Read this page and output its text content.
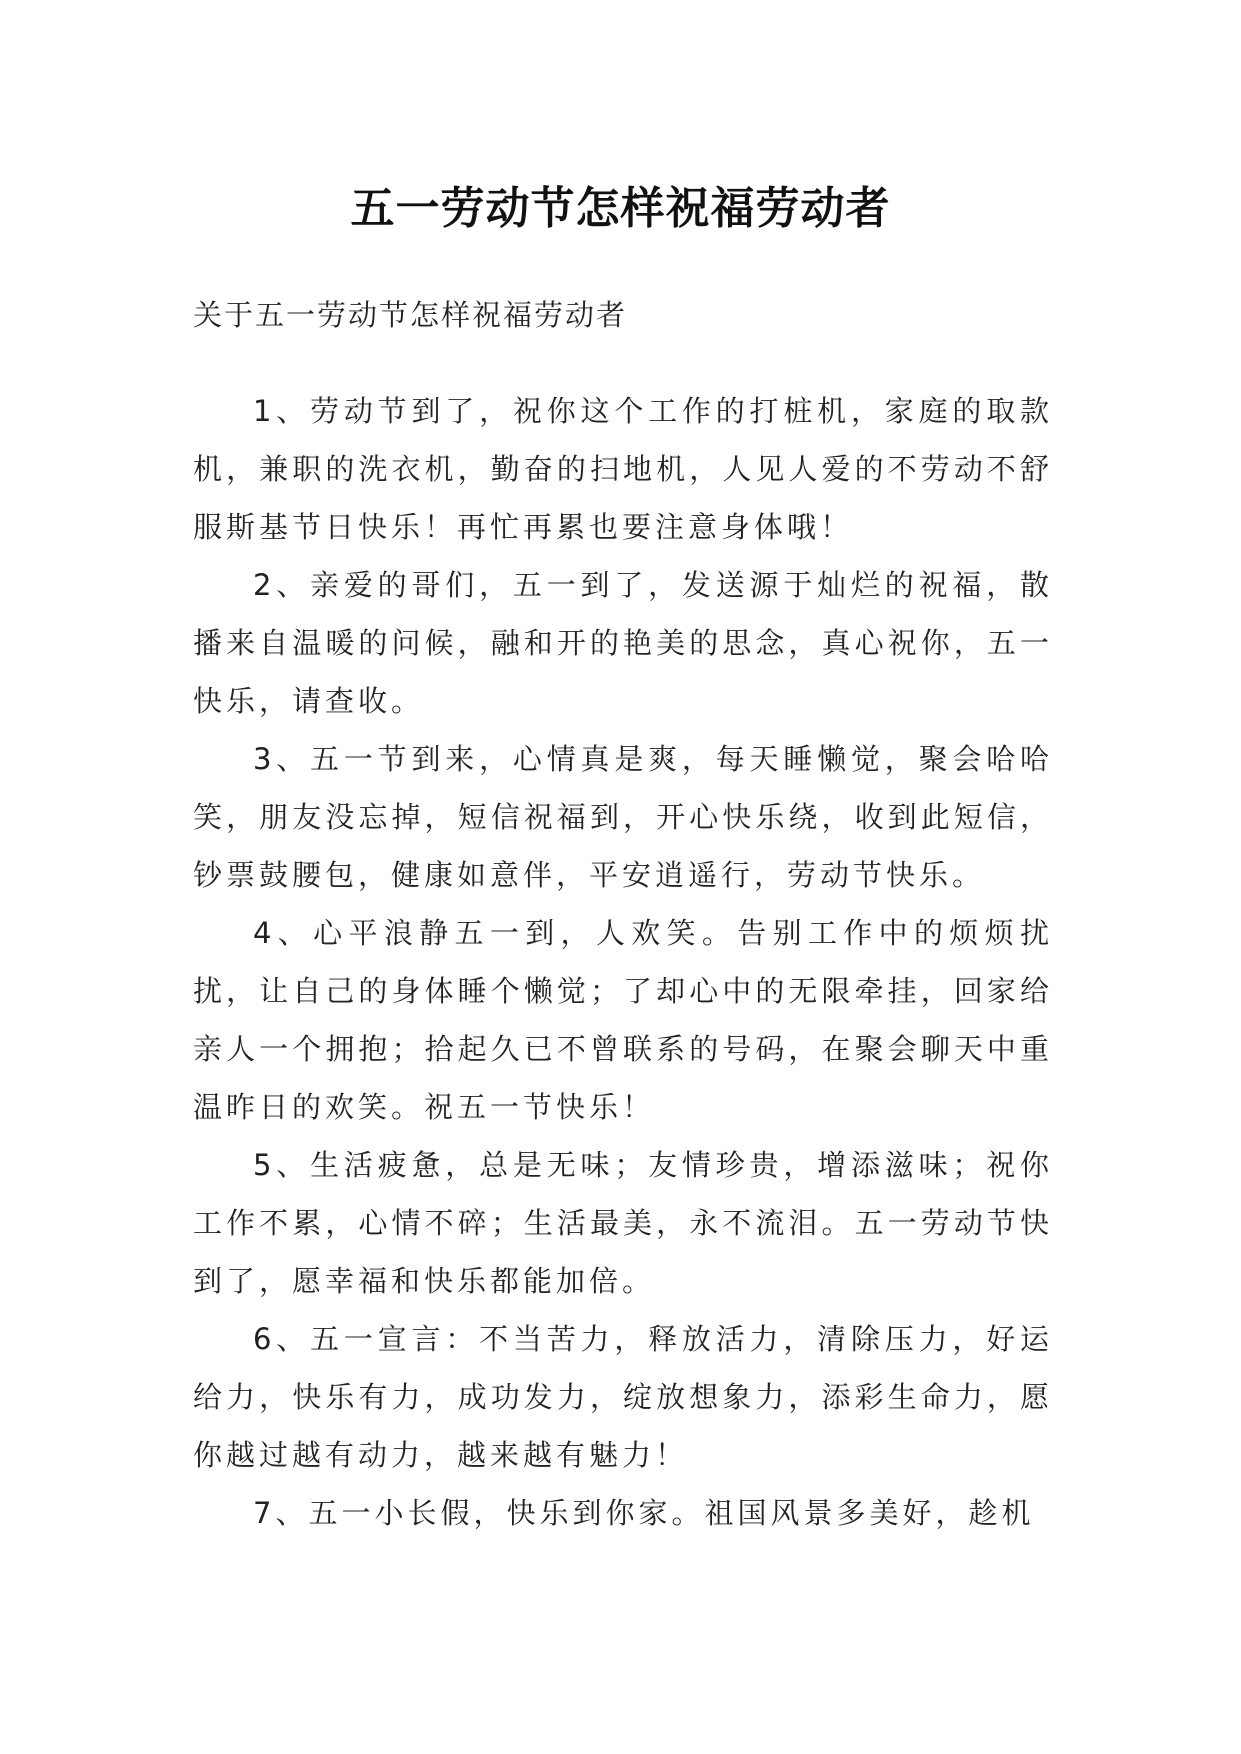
五一劳动节怎样祝福劳动者

关于五一劳动节怎样祝福劳动者

1、劳动节到了，祝你这个工作的打桩机，家庭的取款机，兼职的洗衣机，勤奋的扫地机，人见人爱的不劳动不舒服斯基节日快乐！再忙再累也要注意身体哦！

2、亲爱的哥们，五一到了，发送源于灿烂的祝福，散播来自温暖的问候，融和开的艳美的思念，真心祝你，五一快乐，请查收。

3、五一节到来，心情真是爽，每天睡懒觉，聚会哈哈笑，朋友没忘掉，短信祝福到，开心快乐绕，收到此短信，钞票鼓腰包，健康如意伴，平安逍遥行，劳动节快乐。

4、心平浪静五一到，人欢笑。告别工作中的烦烦扰扰，让自己的身体睡个懒觉；了却心中的无限牵挂，回家给亲人一个拥抱；拾起久已不曾联系的号码，在聚会聊天中重温昨日的欢笑。祝五一节快乐！

5、生活疲惫，总是无味；友情珍贵，增添滋味；祝你工作不累，心情不碎；生活最美，永不流泪。五一劳动节快到了，愿幸福和快乐都能加倍。

6、五一宣言：不当苦力，释放活力，清除压力，好运给力，快乐有力，成功发力，绽放想象力，添彩生命力，愿你越过越有动力，越来越有魅力！

7、五一小长假，快乐到你家。祖国风景多美好，趁机
